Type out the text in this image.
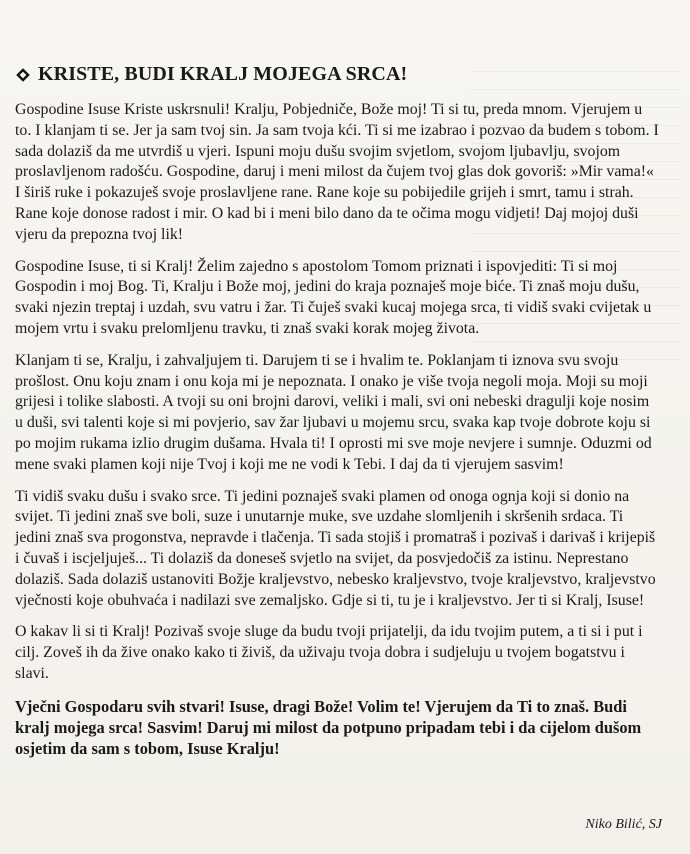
KRISTE, BUDI KRALJ MOJEGA SRCA!

Gospodine Isuse Kriste uskrsnuli! Kralju, Pobjedniče, Bože moj! Ti si tu, preda mnom. Vjerujem u to. I klanjam ti se. Jer ja sam tvoj sin. Ja sam tvoja kći. Ti si me izabrao i pozvao da budem s tobom. I sada dolaziš da me utvrdiš u vjeri. Ispuni moju dušu svojim svjetlom, svojom ljubavlju, svojom proslavljenom radošću. Gospodine, daruj i meni milost da čujem tvoj glas dok govoriš: »Mir vama!« I širiš ruke i pokazuješ svoje proslavljene rane. Rane koje su pobijedile grijeh i smrt, tamu i strah. Rane koje donose radost i mir. O kad bi i meni bilo dano da te očima mogu vidjeti! Daj mojoj duši vjeru da prepozna tvoj lik!

Gospodine Isuse, ti si Kralj! Želim zajedno s apostolom Tomom priznati i ispovjediti: Ti si moj Gospodin i moj Bog. Ti, Kralju i Bože moj, jedini do kraja poznaješ moje biće. Ti znaš moju dušu, svaki njezin treptaj i uzdah, svu vatru i žar. Ti čuješ svaki kucaj mojega srca, ti vidiš svaki cvijetak u mojem vrtu i svaku prelomljenu travku, ti znaš svaki korak mojeg života.

Klanjam ti se, Kralju, i zahvaljujem ti. Darujem ti se i hvalim te. Poklanjam ti iznova svu svoju prošlost. Onu koju znam i onu koja mi je nepoznata. I onako je više tvoja negoli moja. Moji su moji grijesi i tolike slabosti. A tvoji su oni brojni darovi, veliki i mali, svi oni nebeski dragulji koje nosim u duši, svi talenti koje si mi povjerio, sav žar ljubavi u mojemu srcu, svaka kap tvoje dobrote koju si po mojim rukama izlio drugim dušama. Hvala ti! I oprosti mi sve moje nevjere i sumnje. Oduzmi od mene svaki plamen koji nije Tvoj i koji me ne vodi k Tebi. I daj da ti vjerujem sasvim!

Ti vidiš svaku dušu i svako srce. Ti jedini poznaješ svaki plamen od onoga ognja koji si donio na svijet. Ti jedini znaš sve boli, suze i unutarnje muke, sve uzdahe slomljenih i skršenih srdaca. Ti jedini znaš sva progonstva, nepravde i tlačenja. Ti sada stojiš i promatraš i pozivaš i darivaš i krijepiš i čuvaš i iscjeljuješ... Ti dolaziš da doneseš svjetlo na svijet, da posvjedočiš za istinu. Neprestano dolaziš. Sada dolaziš ustanoviti Božje kraljevstvo, nebesko kraljevstvo, tvoje kraljevstvo, kraljevstvo vječnosti koje obuhvaća i nadilazi sve zemaljsko. Gdje si ti, tu je i kraljevstvo. Jer ti si Kralj, Isuse!

O kakav li si ti Kralj! Pozivaš svoje sluge da budu tvoji prijatelji, da idu tvojim putem, a ti si i put i cilj. Zoveš ih da žive onako kako ti živiš, da uživaju tvoja dobra i sudjeluju u tvojem bogatstvu i slavi.

Vječni Gospodaru svih stvari! Isuse, dragi Bože! Volim te! Vjerujem da Ti to znaš. Budi kralj mojega srca! Sasvim! Daruj mi milost da potpuno pripadam tebi i da cijelom dušom osjetim da sam s tobom, Isuse Kralju!

Niko Bilić, SJ
